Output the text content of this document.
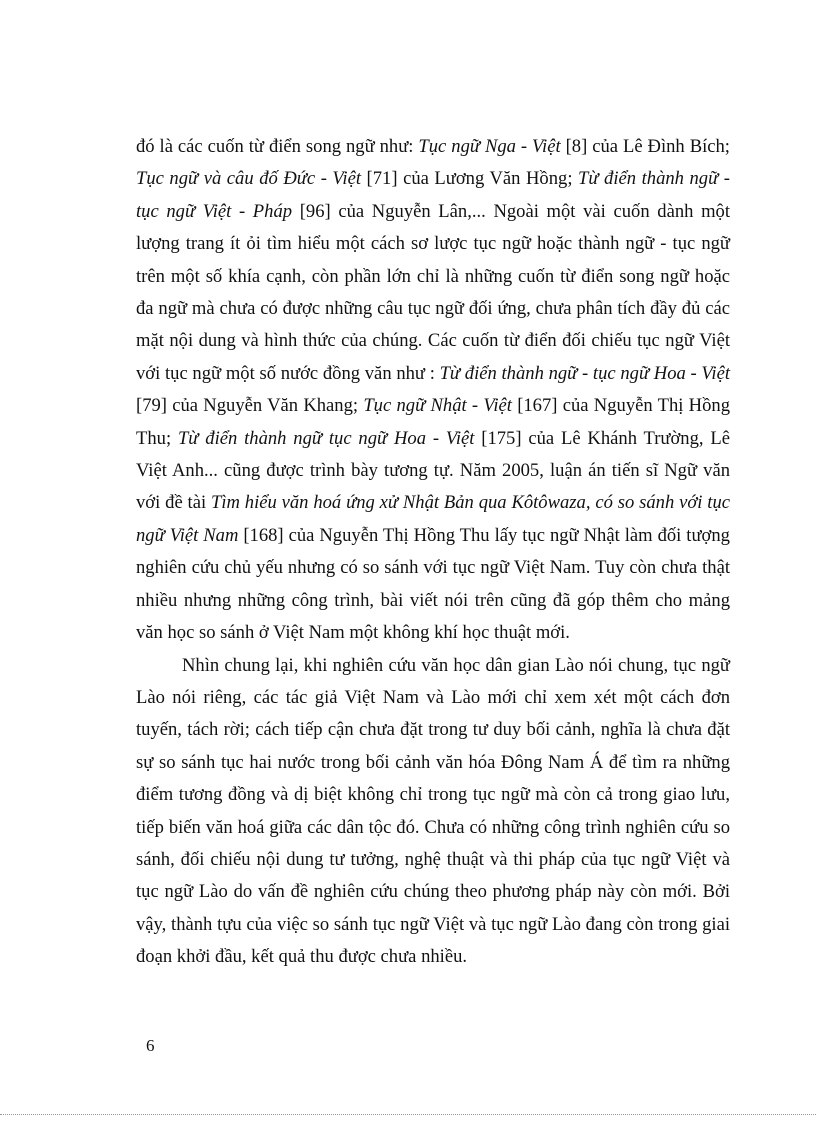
đó là các cuốn từ điển song ngữ như: Tục ngữ Nga - Việt [8] của Lê Đình Bích; Tục ngữ và câu đố Đức - Việt [71] của Lương Văn Hồng; Từ điển thành ngữ - tục ngữ Việt - Pháp [96] của Nguyễn Lân,... Ngoài một vài cuốn dành một lượng trang ít ỏi tìm hiểu một cách sơ lược tục ngữ hoặc thành ngữ - tục ngữ trên một số khía cạnh, còn phần lớn chỉ là những cuốn từ điển song ngữ hoặc đa ngữ mà chưa có được những câu tục ngữ đối ứng, chưa phân tích đầy đủ các mặt nội dung và hình thức của chúng. Các cuốn từ điển đối chiếu tục ngữ Việt với tục ngữ một số nước đồng văn như : Từ điển thành ngữ - tục ngữ Hoa - Việt [79] của Nguyễn Văn Khang; Tục ngữ Nhật - Việt [167] của Nguyễn Thị Hồng Thu; Từ điển thành ngữ tục ngữ Hoa - Việt [175] của Lê Khánh Trường, Lê Việt Anh... cũng được trình bày tương tự. Năm 2005, luận án tiến sĩ Ngữ văn với đề tài Tìm hiểu văn hoá ứng xử Nhật Bản qua Kôtôwaza, có so sánh với tục ngữ Việt Nam [168] của Nguyễn Thị Hồng Thu lấy tục ngữ Nhật làm đối tượng nghiên cứu chủ yếu nhưng có so sánh với tục ngữ Việt Nam. Tuy còn chưa thật nhiều nhưng những công trình, bài viết nói trên cũng đã góp thêm cho mảng văn học so sánh ở Việt Nam một không khí học thuật mới.

Nhìn chung lại, khi nghiên cứu văn học dân gian Lào nói chung, tục ngữ Lào nói riêng, các tác giả Việt Nam và Lào mới chỉ xem xét một cách đơn tuyến, tách rời; cách tiếp cận chưa đặt trong tư duy bối cảnh, nghĩa là chưa đặt sự so sánh tục hai nước trong bối cảnh văn hóa Đông Nam Á để tìm ra những điểm tương đồng và dị biệt không chỉ trong tục ngữ mà còn cả trong giao lưu, tiếp biến văn hoá giữa các dân tộc đó. Chưa có những công trình nghiên cứu so sánh, đối chiếu nội dung tư tưởng, nghệ thuật và thi pháp của tục ngữ Việt và tục ngữ Lào do vấn đề nghiên cứu chúng theo phương pháp này còn mới. Bởi vậy, thành tựu của việc so sánh tục ngữ Việt và tục ngữ Lào đang còn trong giai đoạn khởi đầu, kết quả thu được chưa nhiều.

6
